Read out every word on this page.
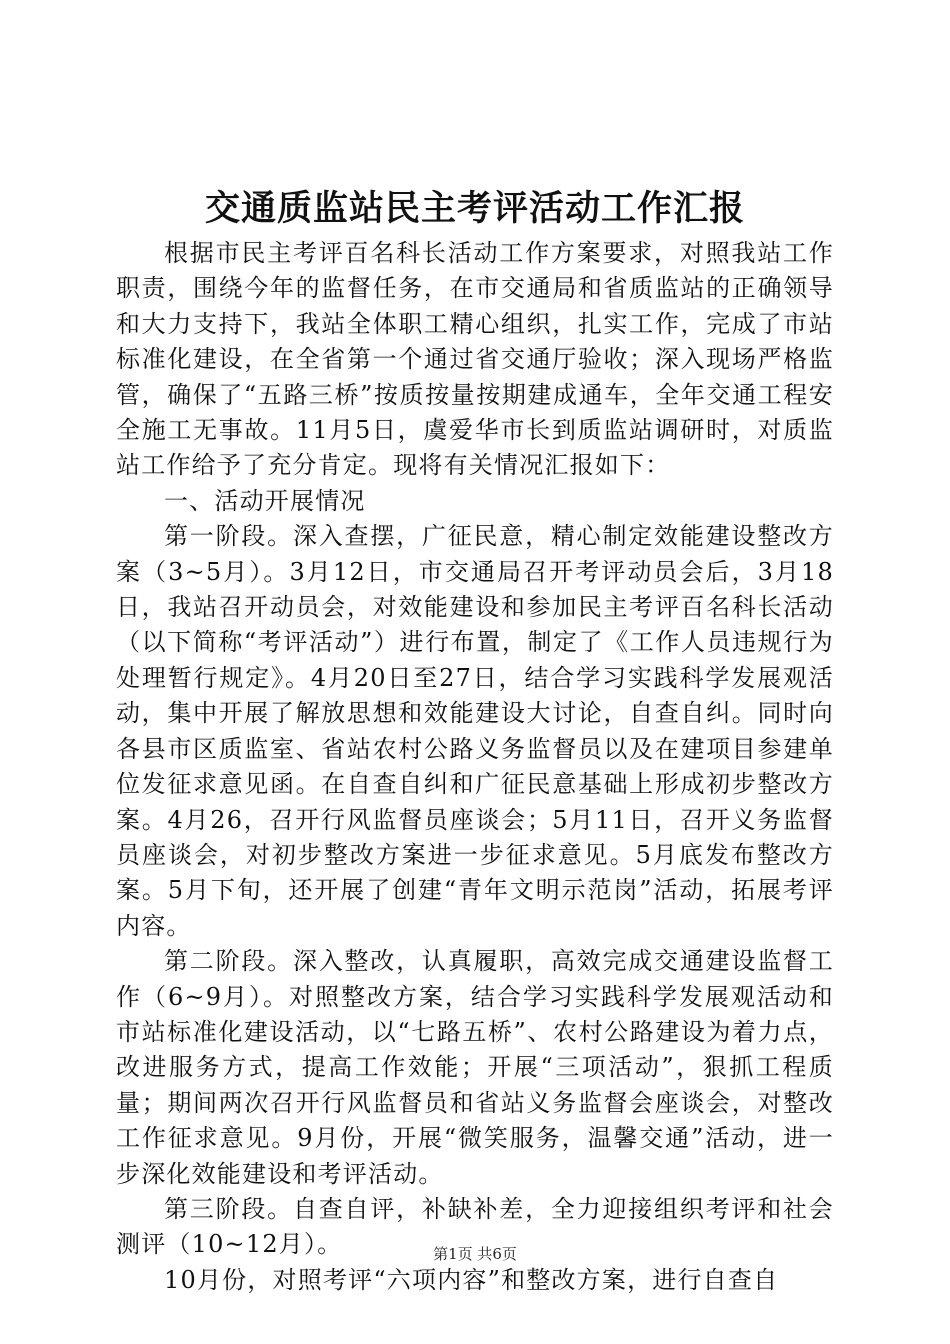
交通质监站民主考评活动工作汇报

根据市民主考评百名科长活动工作方案要求，对照我站工作职责，围绕今年的监督任务，在市交通局和省质监站的正确领导和大力支持下，我站全体职工精心组织，扎实工作，完成了市站标准化建设，在全省第一个通过省交通厅验收；深入现场严格监管，确保了“五路三桥”按质按量按期建成通车，全年交通工程安全施工无事故。11月5日，虞爱华市长到质监站调研时，对质监站工作给予了充分肯定。现将有关情况汇报如下：

一、活动开展情况

第一阶段。深入查摆，广征民意，精心制定效能建设整改方案（3~5月）。3月12日，市交通局召开考评动员会后，3月18日，我站召开动员会，对效能建设和参加民主考评百名科长活动（以下简称“考评活动”）进行布置，制定了《工作人员违规行为处理暂行规定》。4月20日至27日，结合学习实践科学发展观活动，集中开展了解放思想和效能建设大讨论，自查自纠。同时向各县市区质监室、省站农村公路义务监督员以及在建项目参建单位发征求意见函。在自查自纠和广征民意基础上形成初步整改方案。4月26，召开行风监督员座谈会；5月11日，召开义务监督员座谈会，对初步整改方案进一步征求意见。5月底发布整改方案。5月下旬，还开展了创建“青年文明示范岗”活动，拓展考评内容。

第二阶段。深入整改，认真履职，高效完成交通建设监督工作（6~9月）。对照整改方案，结合学习实践科学发展观活动和市站标准化建设活动，以“七路五桥”、农村公路建设为着力点，改进服务方式，提高工作效能；开展“三项活动”，狠抓工程质量；期间两次召开行风监督员和省站义务监督会座谈会，对整改工作征求意见。9月份，开展“微笑服务，温馨交通”活动，进一步深化效能建设和考评活动。

第三阶段。自查自评，补缺补差，全力迎接组织考评和社会测评（10~12月）。

10月份，对照考评“六项内容”和整改方案，进行自查自

第1页 共6页
